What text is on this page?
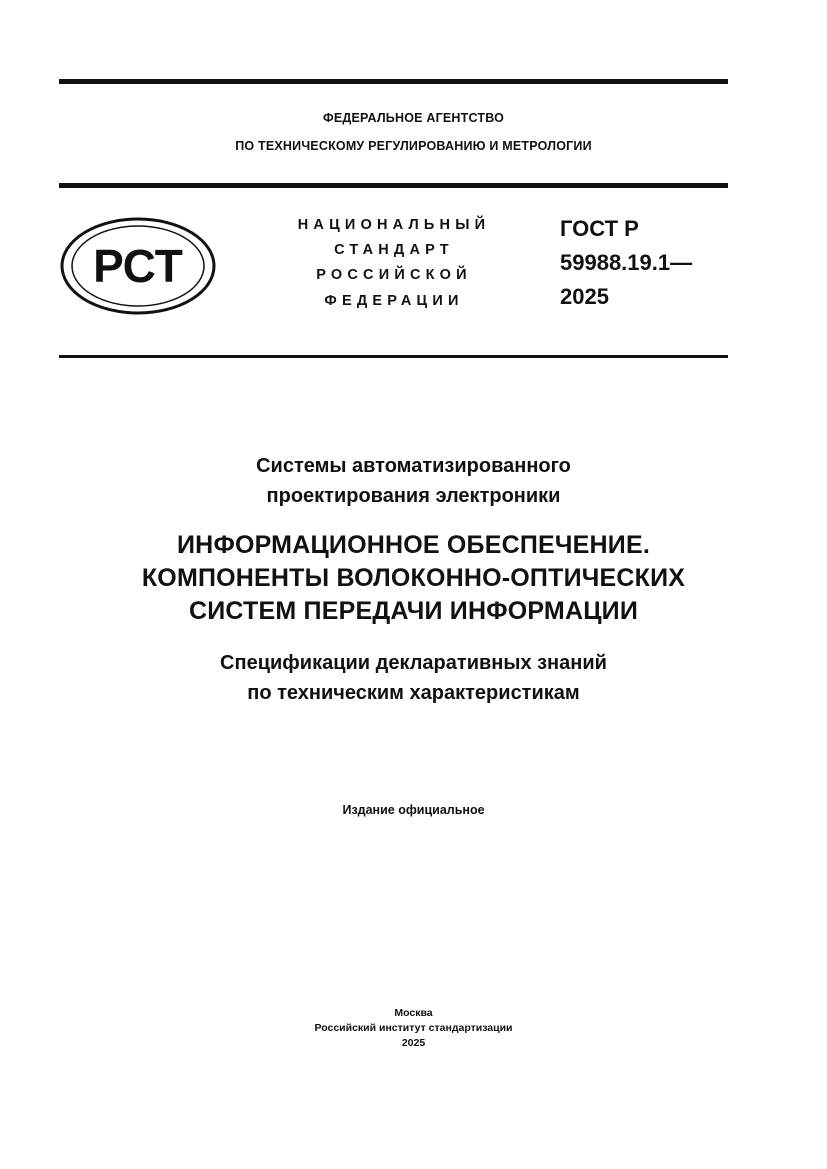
ФЕДЕРАЛЬНОЕ АГЕНТСТВО
ПО ТЕХНИЧЕСКОМУ РЕГУЛИРОВАНИЮ И МЕТРОЛОГИИ
РСТ
НАЦИОНАЛЬНЫЙ
СТАНДАРТ
РОССИЙСКОЙ
ФЕДЕРАЦИИ
ГОСТ Р
59988.19.1—
2025
Системы автоматизированного
проектирования электроники
ИНФОРМАЦИОННОЕ ОБЕСПЕЧЕНИЕ.
КОМПОНЕНТЫ ВОЛОКОННО-ОПТИЧЕСКИХ
СИСТЕМ ПЕРЕДАЧИ ИНФОРМАЦИИ
Спецификации декларативных знаний
по техническим характеристикам
Издание официальное
Москва
Российский институт стандартизации
2025
